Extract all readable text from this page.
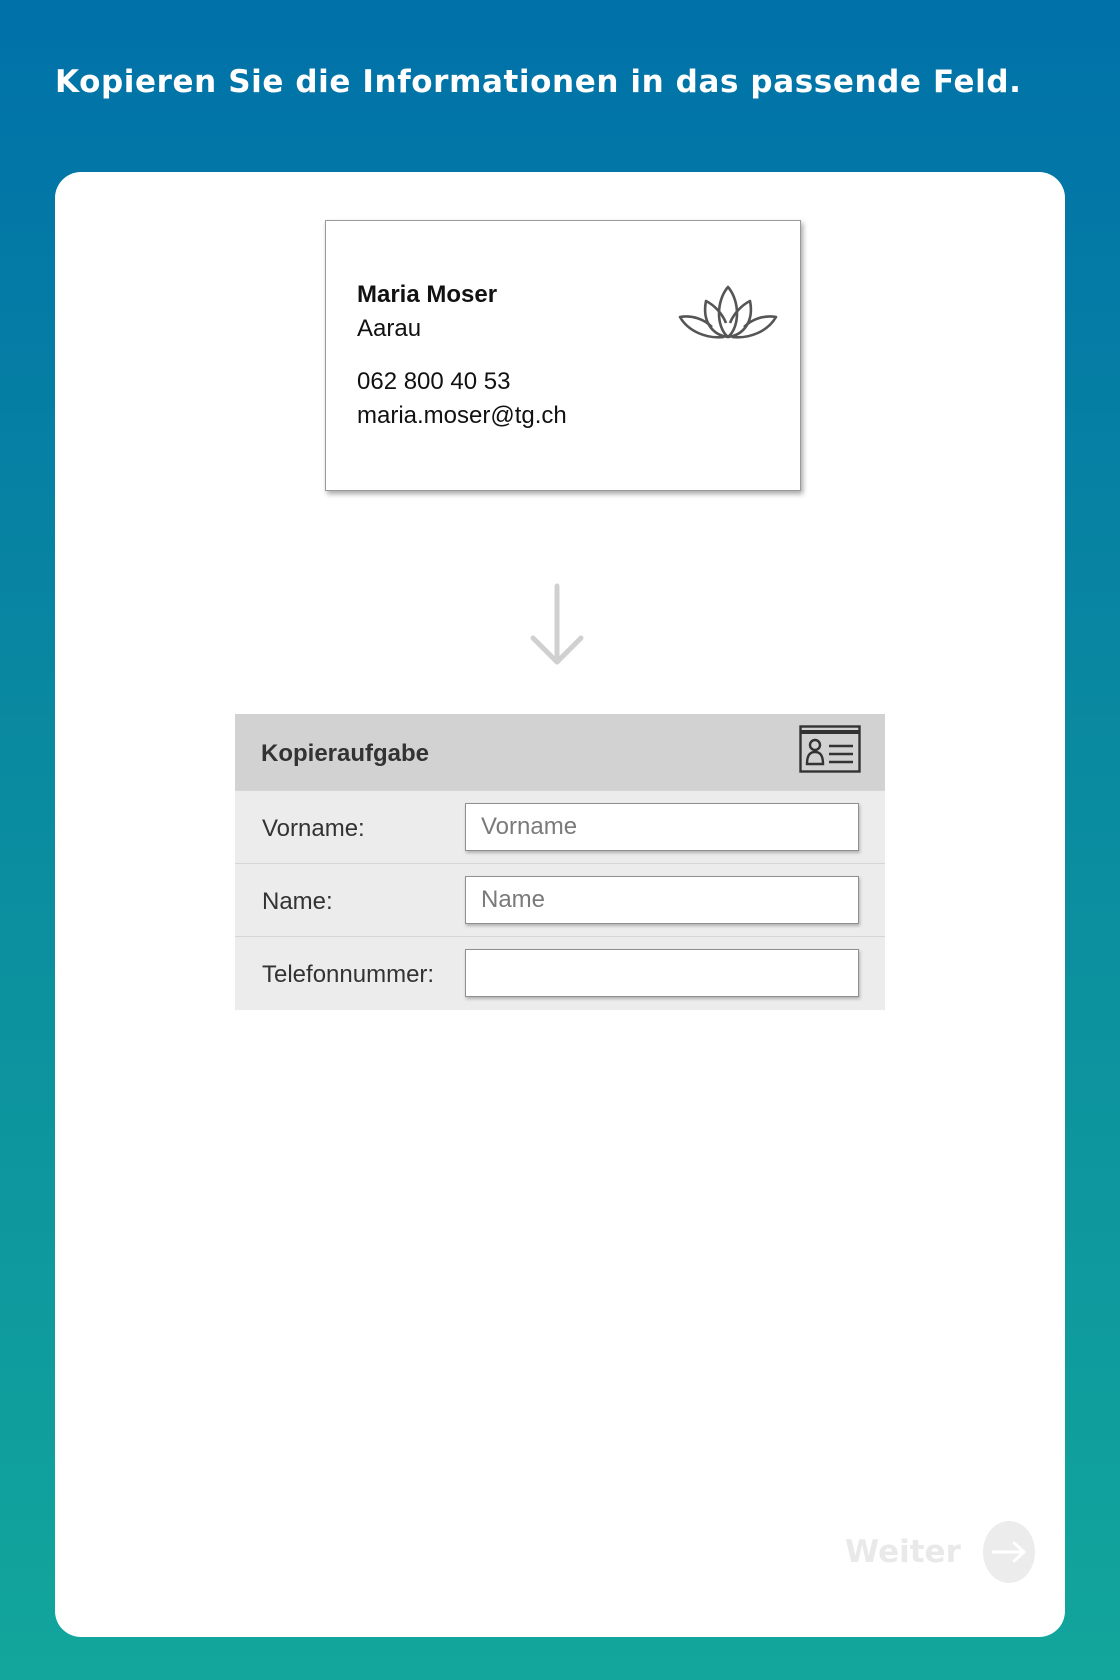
Kopieren Sie die Informationen in das passende Feld.
Maria Moser
Aarau
062 800 40 53
maria.moser@tg.ch
Kopieraufgabe
Vorname:
Vorname
Name:
Name
Telefonnummer:
Weiter
